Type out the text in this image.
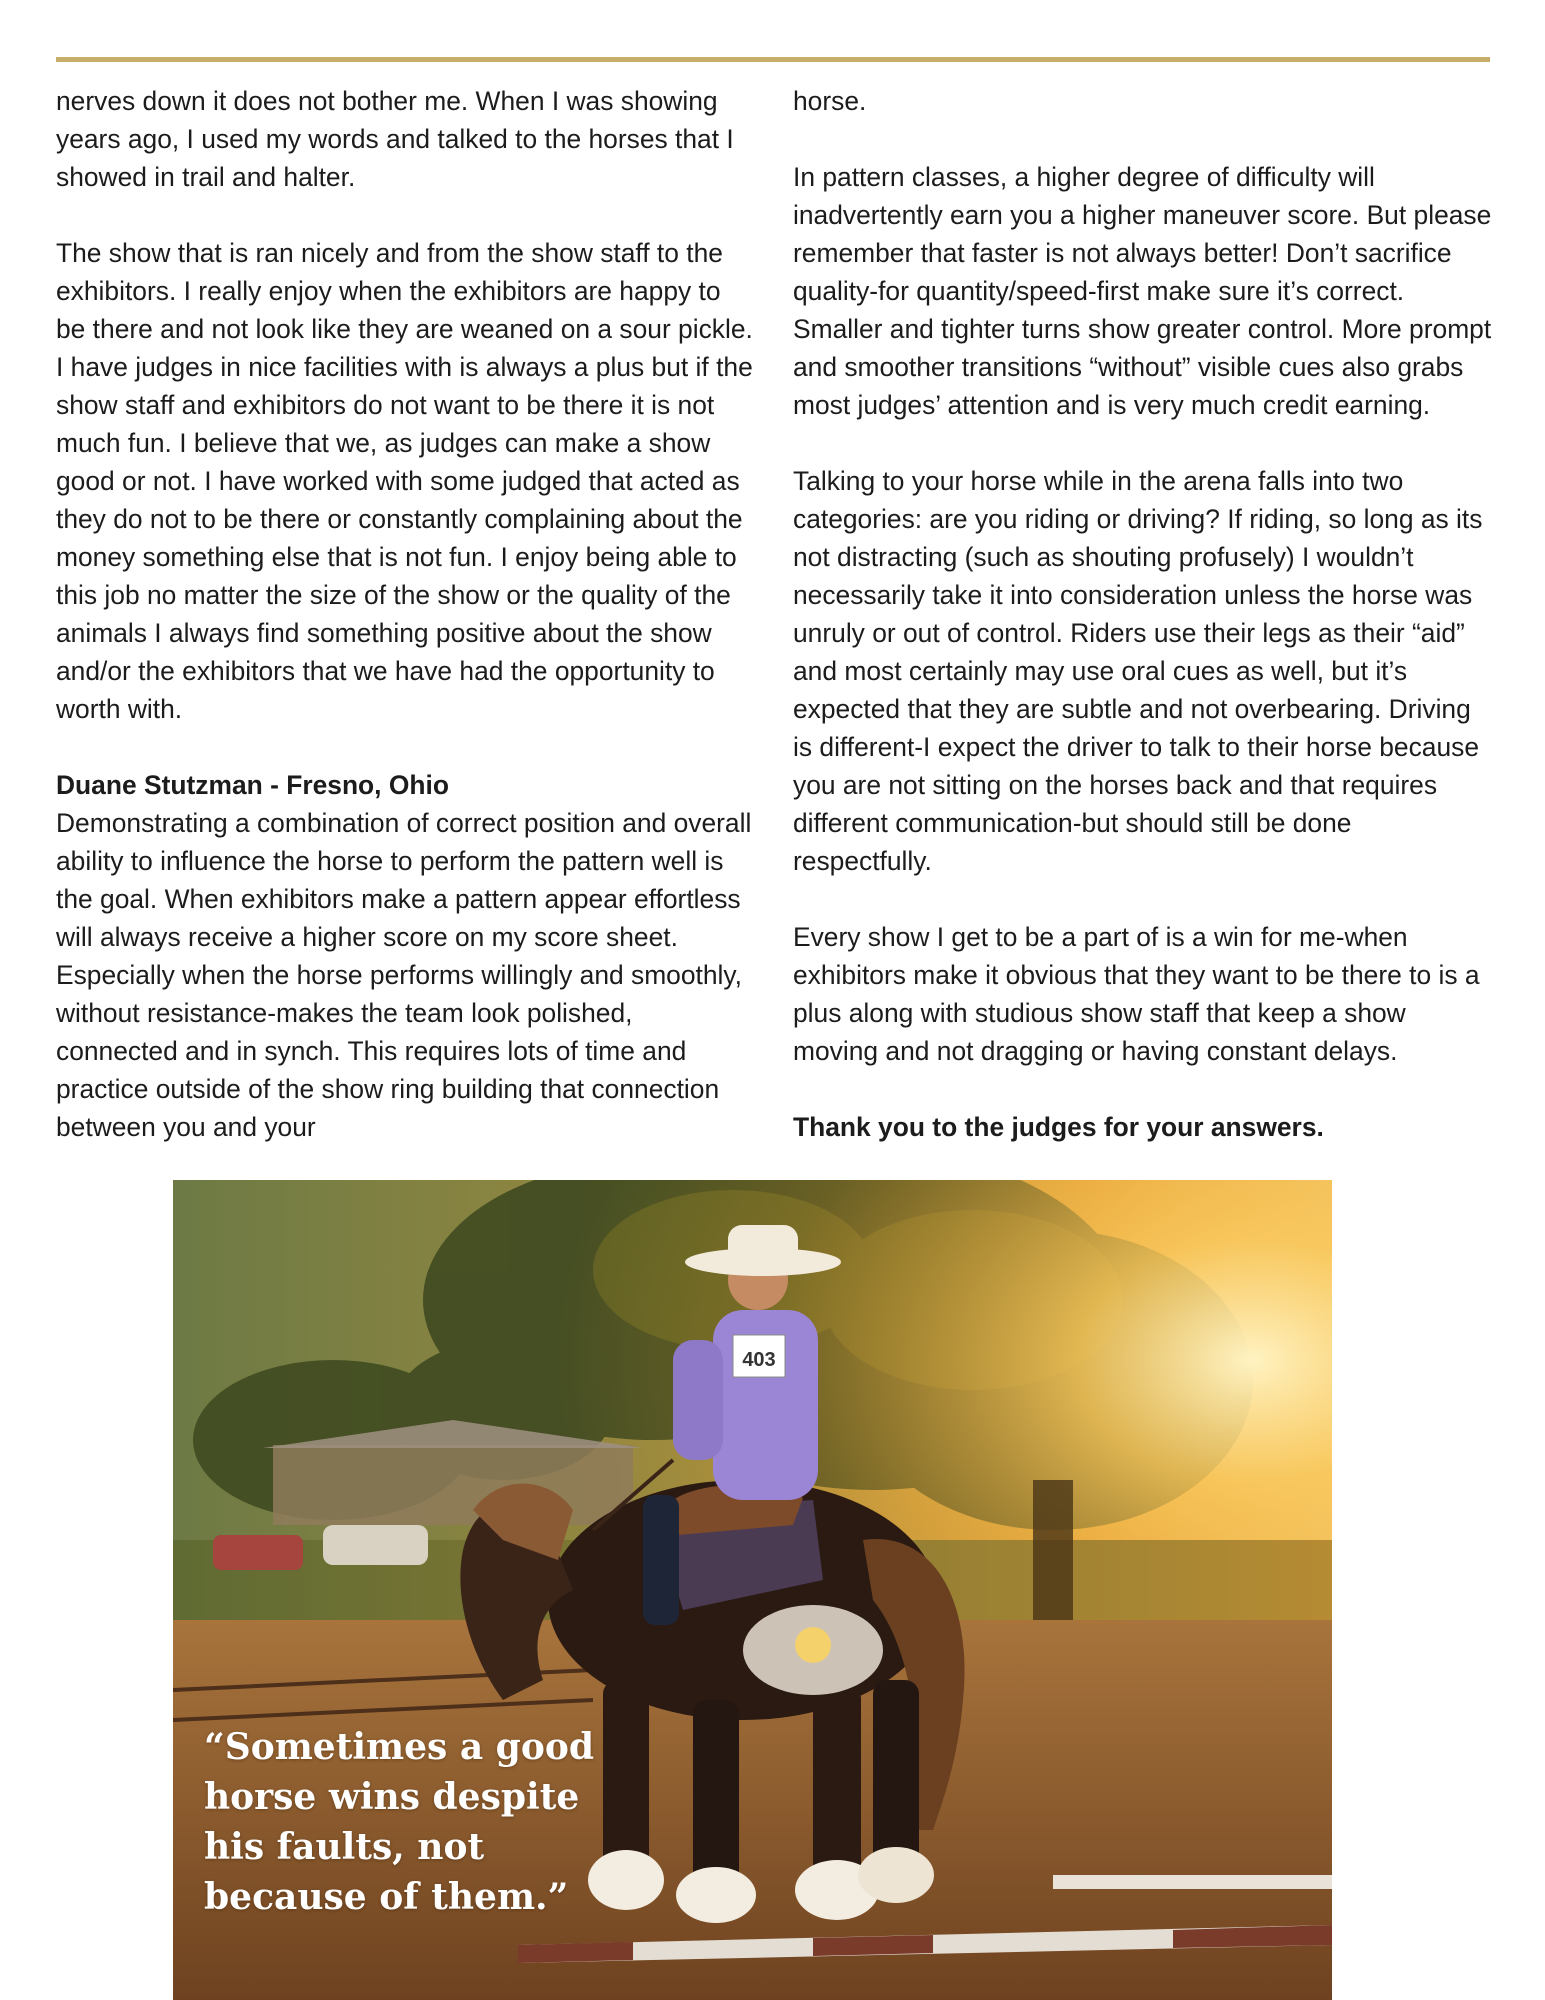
nerves down it does not bother me. When I was showing years ago, I used my words and talked to the horses that I showed in trail and halter.

The show that is ran nicely and from the show staff to the exhibitors. I really enjoy when the exhibitors are happy to be there and not look like they are weaned on a sour pickle. I have judges in nice facilities with is always a plus but if the show staff and exhibitors do not want to be there it is not much fun. I believe that we, as judges can make a show good or not. I have worked with some judged that acted as they do not to be there or constantly complaining about the money something else that is not fun. I enjoy being able to this job no matter the size of the show or the quality of the animals I always find something positive about the show and/or the exhibitors that we have had the opportunity to worth with.

Duane Stutzman - Fresno, Ohio

Demonstrating a combination of correct position and overall ability to influence the horse to perform the pattern well is the goal. When exhibitors make a pattern appear effortless will always receive a higher score on my score sheet. Especially when the horse performs willingly and smoothly, without resistance-makes the team look polished, connected and in synch. This requires lots of time and practice outside of the show ring building that connection between you and your

horse.

In pattern classes, a higher degree of difficulty will inadvertently earn you a higher maneuver score. But please remember that faster is not always better! Don’t sacrifice quality-for quantity/speed-first make sure it’s correct. Smaller and tighter turns show greater control. More prompt and smoother transitions “without” visible cues also grabs most judges’ attention and is very much credit earning.

Talking to your horse while in the arena falls into two categories: are you riding or driving? If riding, so long as its not distracting (such as shouting profusely) I wouldn’t necessarily take it into consideration unless the horse was unruly or out of control. Riders use their legs as their “aid” and most certainly may use oral cues as well, but it’s expected that they are subtle and not overbearing. Driving is different-I expect the driver to talk to their horse because you are not sitting on the horses back and that requires different communication-but should still be done respectfully.

Every show I get to be a part of is a win for me-when exhibitors make it obvious that they want to be there to is a plus along with studious show staff that keep a show moving and not dragging or having constant delays.

Thank you to the judges for your answers.

403
“Sometimes a good
horse wins despite
his faults, not
because of them.”
